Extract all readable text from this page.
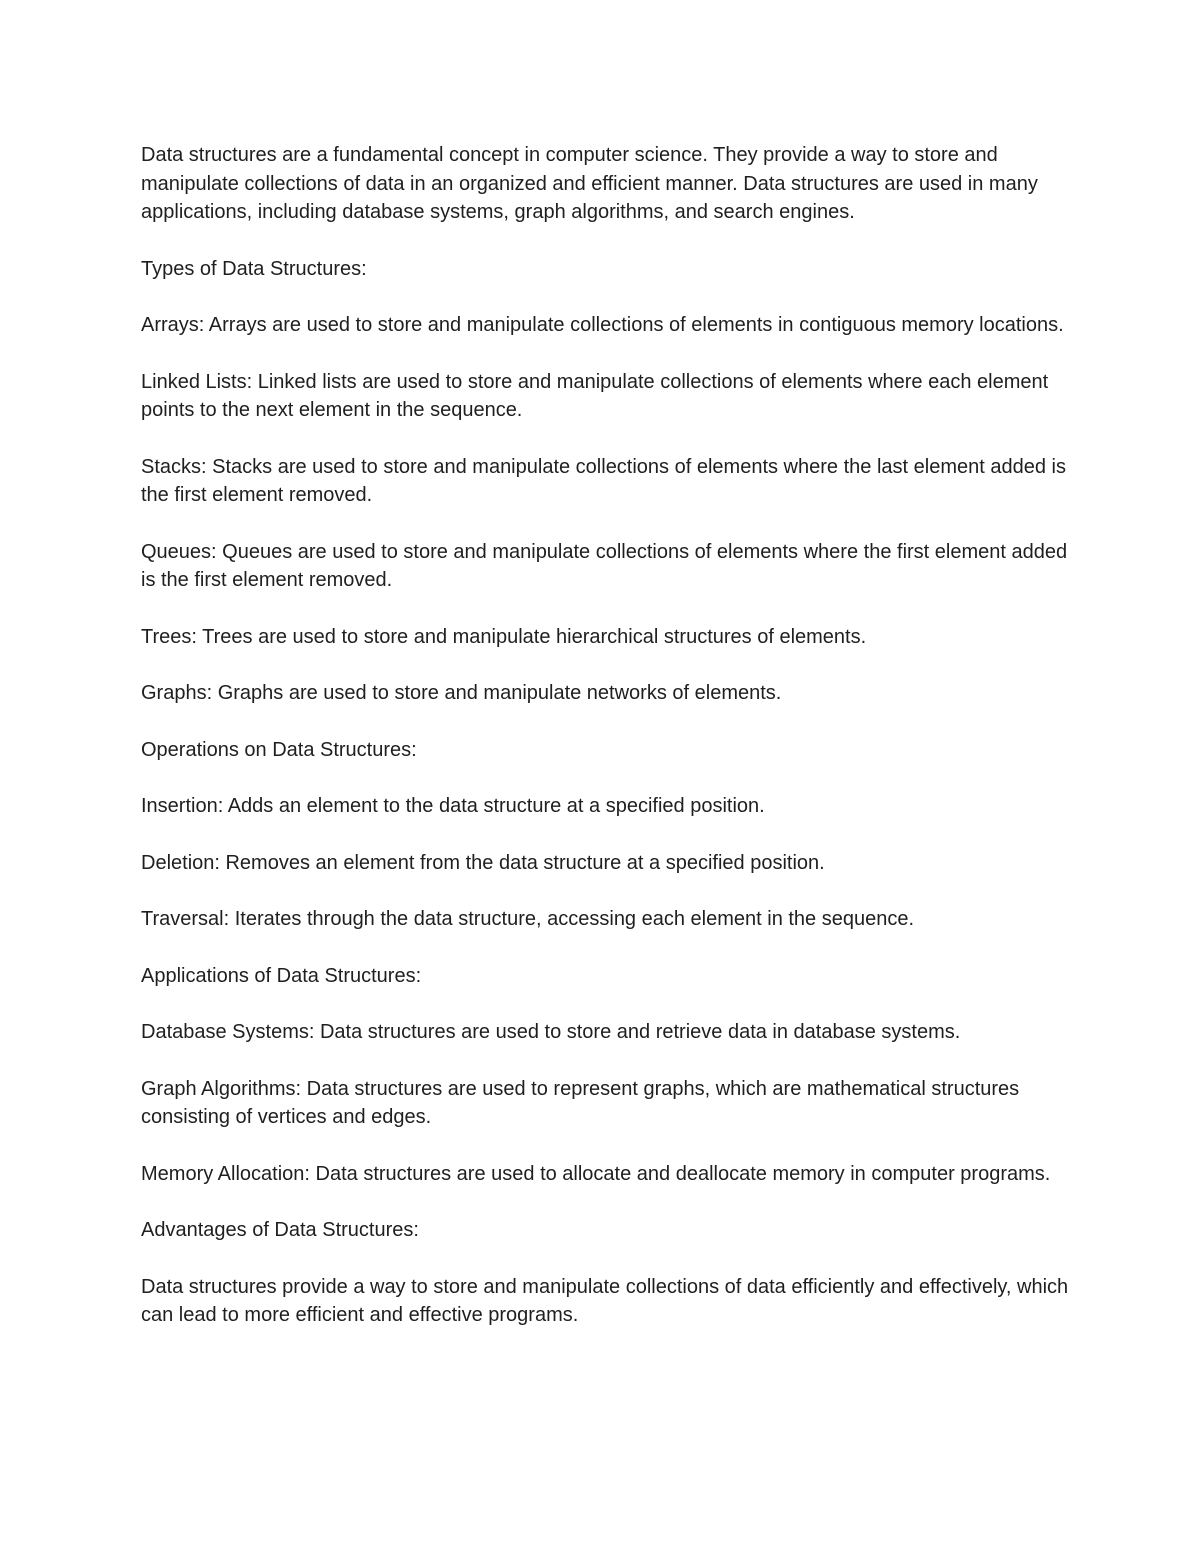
Data structures are a fundamental concept in computer science. They provide a way to store and manipulate collections of data in an organized and efficient manner. Data structures are used in many applications, including database systems, graph algorithms, and search engines.

Types of Data Structures:

Arrays: Arrays are used to store and manipulate collections of elements in contiguous memory locations.

Linked Lists: Linked lists are used to store and manipulate collections of elements where each element points to the next element in the sequence.

Stacks: Stacks are used to store and manipulate collections of elements where the last element added is the first element removed.

Queues: Queues are used to store and manipulate collections of elements where the first element added is the first element removed.

Trees: Trees are used to store and manipulate hierarchical structures of elements.

Graphs: Graphs are used to store and manipulate networks of elements.

Operations on Data Structures:

Insertion: Adds an element to the data structure at a specified position.

Deletion: Removes an element from the data structure at a specified position.

Traversal: Iterates through the data structure, accessing each element in the sequence.

Applications of Data Structures:

Database Systems: Data structures are used to store and retrieve data in database systems.

Graph Algorithms: Data structures are used to represent graphs, which are mathematical structures consisting of vertices and edges.

Memory Allocation: Data structures are used to allocate and deallocate memory in computer programs.

Advantages of Data Structures:

Data structures provide a way to store and manipulate collections of data efficiently and effectively, which can lead to more efficient and effective programs.
